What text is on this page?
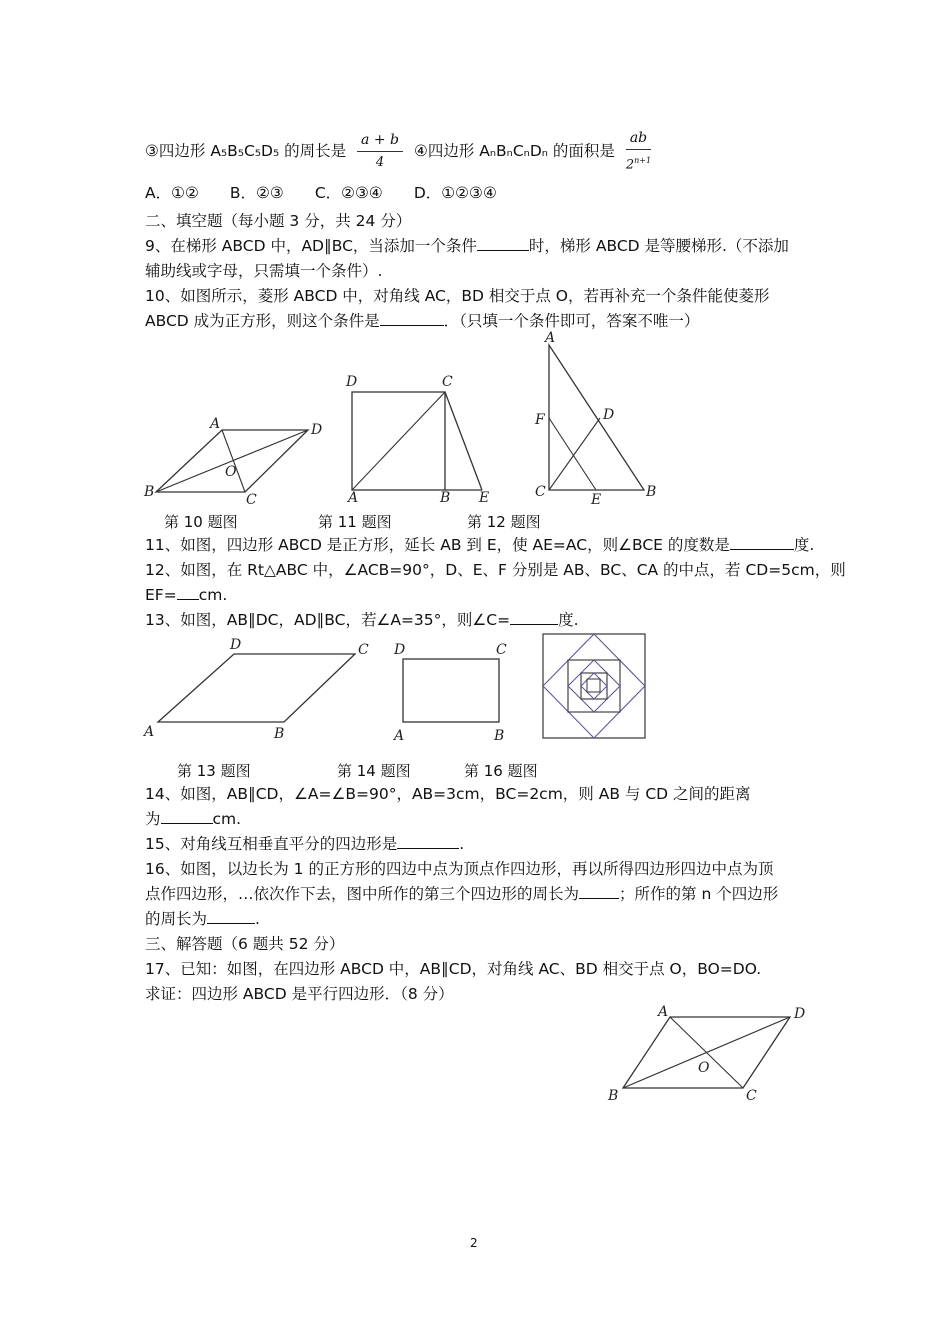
③四边形 A₅B₅C₅D₅ 的周长是 $\frac{a + b}{4}$ ④四边形 AₙBₙCₙDₙ 的面积是 $\frac{ab}{2^{n+1}}$
A．①②　　B．②③　　C．②③④　　D．①②③④
二、填空题（每小题 3 分，共 24 分）
9、在梯形 ABCD 中，AD∥BC，当添加一个条件	时，梯形 ABCD 是等腰梯形.（不添加
辅助线或字母，只需填一个条件）.
10、如图所示，菱形 ABCD 中，对角线 AC，BD 相交于点 O，若再补充一个条件能使菱形
ABCD 成为正方形，则这个条件是	．（只填一个条件即可，答案不唯一）
A	D
B	C
O
D	C
A	B E
A
F	D
C	E	B
第 10 题图	第 11 题图	第 12 题图
11、如图，四边形 ABCD 是正方形，延长 AB 到 E，使 AE=AC，则∠BCE 的度数是	度.
12、如图，在 Rt△ABC 中，∠ACB=90°，D、E、F 分别是 AB、BC、CA 的中点，若 CD=5cm，则
EF= cm.
13、如图，AB∥DC，AD∥BC，若∠A=35°，则∠C=	度.
D	C
A	B
D	C
A	B
第 13 题图	第 14 题图	第 16 题图
14、如图，AB∥CD，∠A=∠B=90°，AB=3cm，BC=2cm，则 AB 与 CD 之间的距离
为	cm.
15、对角线互相垂直平分的四边形是	.
16、如图，以边长为 1 的正方形的四边中点为顶点作四边形，再以所得四边形四边中点为顶
点作四边形，…依次作下去，图中所作的第三个四边形的周长为	；所作的第 n 个四边形
的周长为	.
三、解答题（6 题共 52 分）
17、已知：如图，在四边形 ABCD 中，AB∥CD，对角线 AC、BD 相交于点 O，BO=DO.
求证：四边形 ABCD 是平行四边形．（8 分）
A	D
B	C
O
2
